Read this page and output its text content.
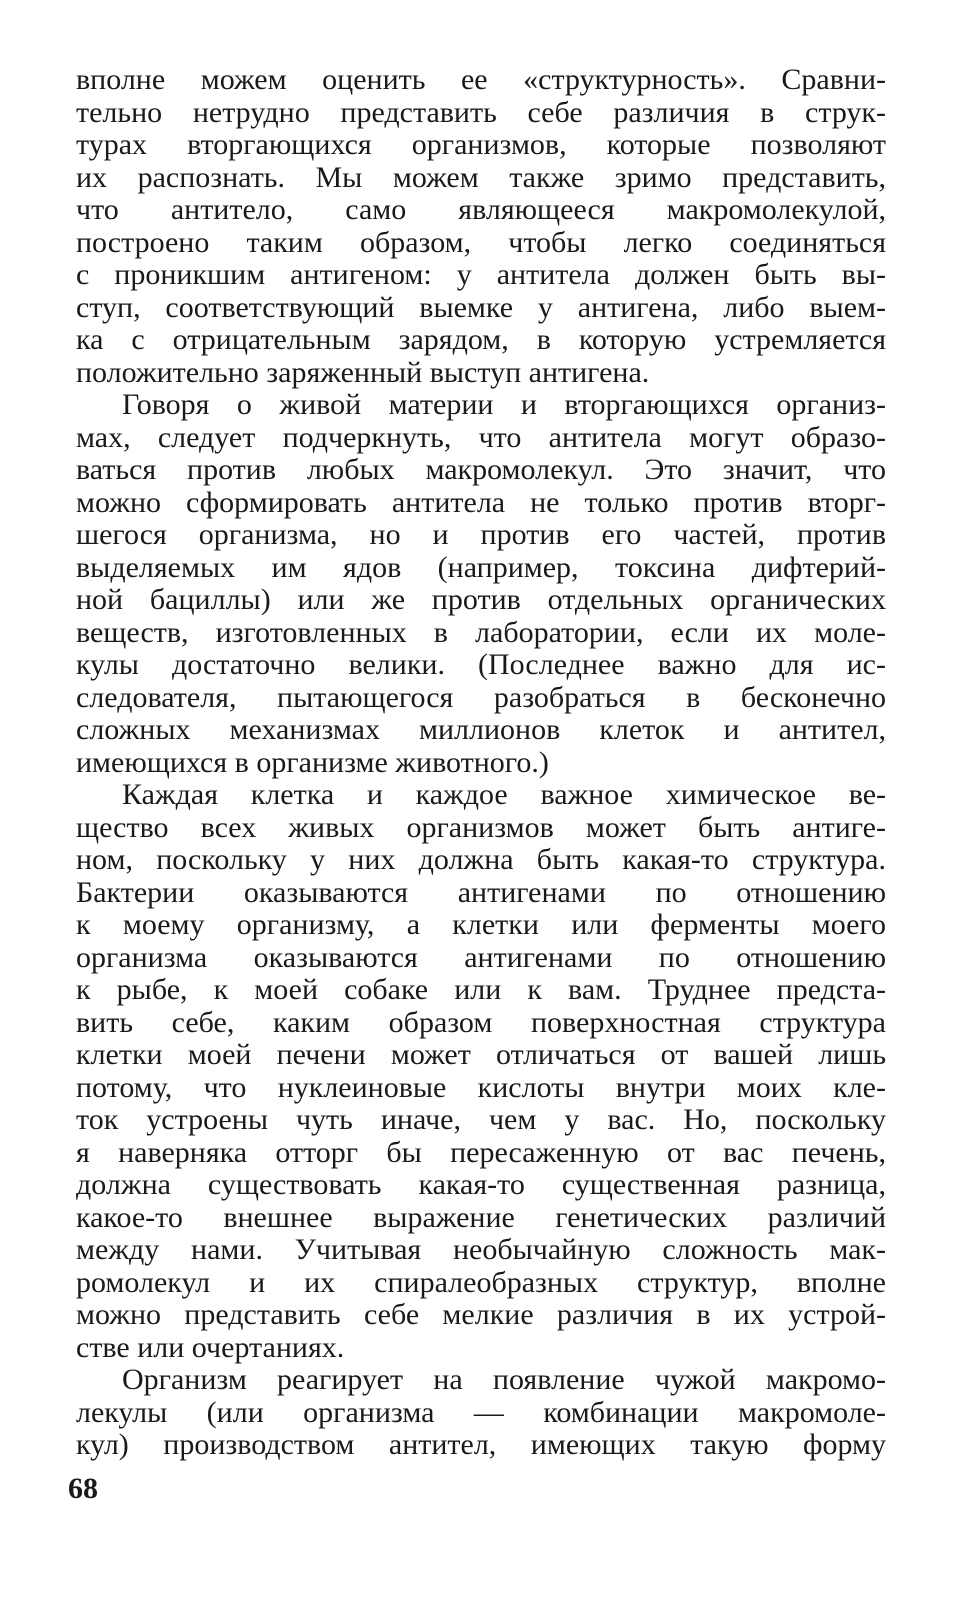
вполне можем оценить ее «структурность». Сравни-
тельно нетрудно представить себе различия в струк-
турах вторгающихся организмов, которые позволяют
их распознать. Мы можем также зримо представить,
что антитело, само являющееся макромолекулой,
построено таким образом, чтобы легко соединяться
с проникшим антигеном: у антитела должен быть вы-
ступ, соответствующий выемке у антигена, либо выем-
ка с отрицательным зарядом, в которую устремляется
положительно заряженный выступ антигена.
Говоря о живой материи и вторгающихся организ-
мах, следует подчеркнуть, что антитела могут образо-
ваться против любых макромолекул. Это значит, что
можно сформировать антитела не только против вторг-
шегося организма, но и против его частей, против
выделяемых им ядов (например, токсина дифтерий-
ной бациллы) или же против отдельных органических
веществ, изготовленных в лаборатории, если их моле-
кулы достаточно велики. (Последнее важно для ис-
следователя, пытающегося разобраться в бесконечно
сложных механизмах миллионов клеток и антител,
имеющихся в организме животного.)
Каждая клетка и каждое важное химическое ве-
щество всех живых организмов может быть антиге-
ном, поскольку у них должна быть какая-то структура.
Бактерии оказываются антигенами по отношению
к моему организму, а клетки или ферменты моего
организма оказываются антигенами по отношению
к рыбе, к моей собаке или к вам. Труднее предста-
вить себе, каким образом поверхностная структура
клетки моей печени может отличаться от вашей лишь
потому, что нуклеиновые кислоты внутри моих кле-
ток устроены чуть иначе, чем у вас. Но, поскольку
я наверняка отторг бы пересаженную от вас печень,
должна существовать какая-то существенная разница,
какое-то внешнее выражение генетических различий
между нами. Учитывая необычайную сложность мак-
ромолекул и их спиралеобразных структур, вполне
можно представить себе мелкие различия в их устрой-
стве или очертаниях.
Организм реагирует на появление чужой макромо-
лекулы (или организма — комбинации макромоле-
кул) производством антител, имеющих такую форму
68
